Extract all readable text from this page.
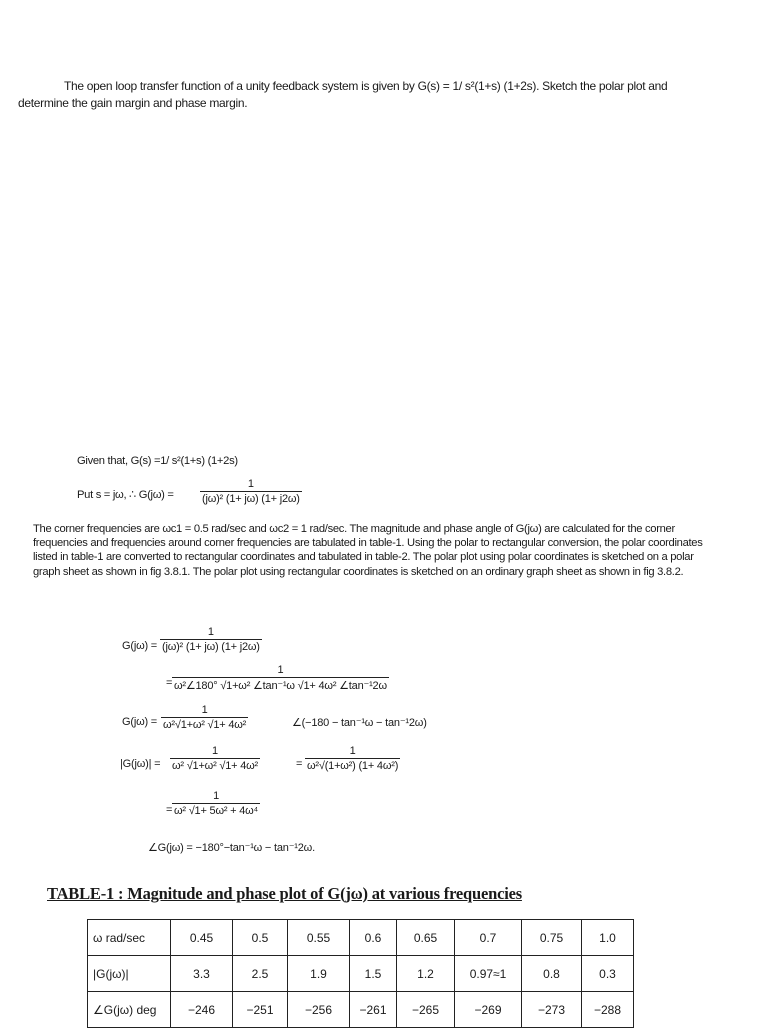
The open loop transfer function of a unity feedback system is given by G(s) = 1/ s²(1+s) (1+2s). Sketch the polar plot and
determine the gain margin and phase margin.
Given that, G(s) =1/ s²(1+s) (1+2s)
Put s = jω, ∴ $G(j\omega) = \frac{1}{\text{(jω)² (1+ jω) (1+ j2ω)}}$
The corner frequencies are ωc1 = 0.5 rad/sec and ωc2 = 1 rad/sec. The magnitude and phase angle of G(jω) are calculated for the corner frequencies and frequencies around corner frequencies are tabulated in table-1. Using the polar to rectangular conversion, the polar coordinates listed in table-1 are converted to rectangular coordinates and tabulated in table-2. The polar plot using polar coordinates is sketched on a polar graph sheet as shown in fig 3.8.1. The polar plot using rectangular coordinates is sketched on an ordinary graph sheet as shown in fig 3.8.2.
$G(j\omega) = \frac{1}{\text{(jω)² (1+ jω) (1+ j2ω)}}$
= $\frac{1}{\text{ω²∠180° √1+ω² ∠tan⁻¹ω √1+ 4ω² ∠tan⁻¹2ω}}$
$G(j\omega) = \frac{1}{\text{ω²√1+ω² √1+ 4ω²}}$	∠(−180 − tan⁻¹ω − tan⁻¹2ω)
$|G(j\omega)| = \frac{1}{\text{ω² √1+ω² √1+ 4ω²}}$	= $\frac{1}{\text{ω²√(1+ω²) (1+ 4ω²)}}$
= $\frac{1}{\text{ω² √1+ 5ω² + 4ω⁴}}$
∠G(jω) = −180°−tan⁻¹ω − tan⁻¹2ω.
TABLE-1 : Magnitude and phase plot of G(jω) at various frequencies
ω rad/sec	0.45	0.5	0.55	0.6	0.65	0.7	0.75	1.0
|G(jω)|	3.3	2.5	1.9	1.5	1.2	0.97≈1	0.8	0.3
∠G(jω) deg	−246	−251	−256	−261	−265	−269	−273	−288
